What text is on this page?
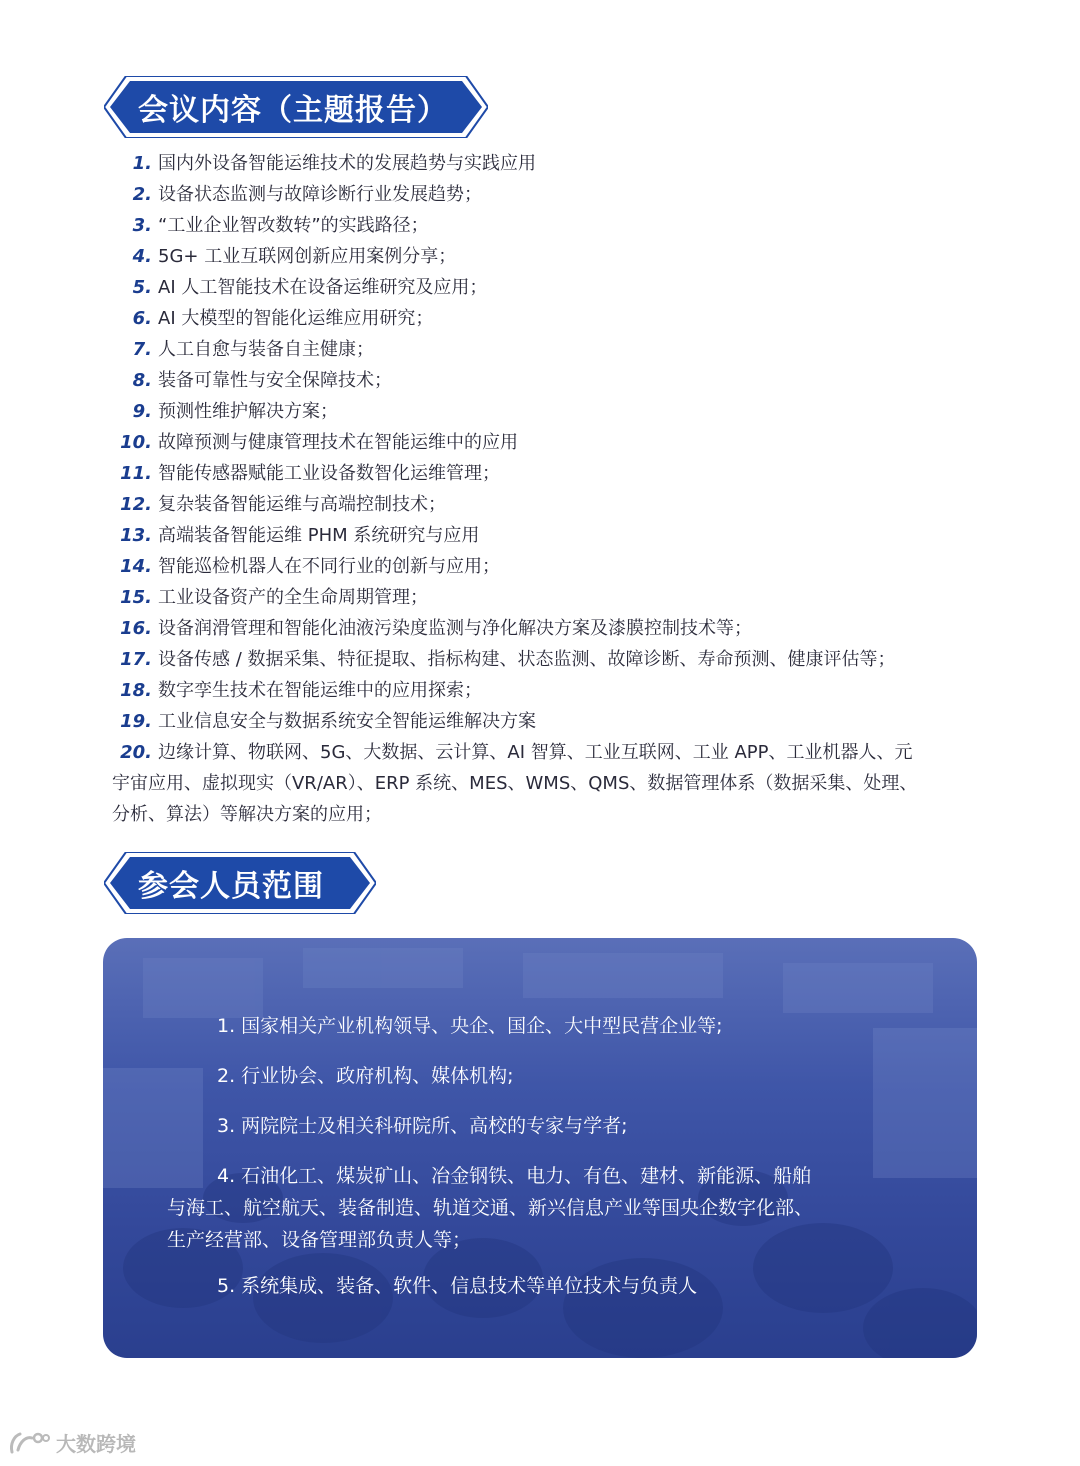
会议内容（主题报告）
1. 国内外设备智能运维技术的发展趋势与实践应用
2. 设备状态监测与故障诊断行业发展趋势；
3. “工业企业智改数转”的实践路径；
4. 5G+ 工业互联网创新应用案例分享；
5. AI 人工智能技术在设备运维研究及应用；
6. AI 大模型的智能化运维应用研究；
7. 人工自愈与装备自主健康；
8. 装备可靠性与安全保障技术；
9. 预测性维护解决方案；
10. 故障预测与健康管理技术在智能运维中的应用
11. 智能传感器赋能工业设备数智化运维管理；
12. 复杂装备智能运维与高端控制技术；
13. 高端装备智能运维 PHM 系统研究与应用
14. 智能巡检机器人在不同行业的创新与应用；
15. 工业设备资产的全生命周期管理；
16. 设备润滑管理和智能化油液污染度监测与净化解决方案及漆膜控制技术等；
17. 设备传感 / 数据采集、特征提取、指标构建、状态监测、故障诊断、寿命预测、健康评估等；
18. 数字孪生技术在智能运维中的应用探索；
19. 工业信息安全与数据系统安全智能运维解决方案
20. 边缘计算、物联网、5G、大数据、云计算、AI 智算、工业互联网、工业 APP、工业机器人、元
宇宙应用、虚拟现实（VR/AR）、ERP 系统、MES、WMS、QMS、数据管理体系（数据采集、处理、
分析、算法）等解决方案的应用；
参会人员范围

1. 国家相关产业机构领导、央企、国企、大中型民营企业等;

2. 行业协会、政府机构、媒体机构;

3. 两院院士及相关科研院所、高校的专家与学者;

4. 石油化工、煤炭矿山、冶金钢铁、电力、有色、建材、新能源、船舶
与海工、航空航天、装备制造、轨道交通、新兴信息产业等国央企数字化部、
生产经营部、设备管理部负责人等；

5. 系统集成、装备、软件、信息技术等单位技术与负责人

大数跨境
